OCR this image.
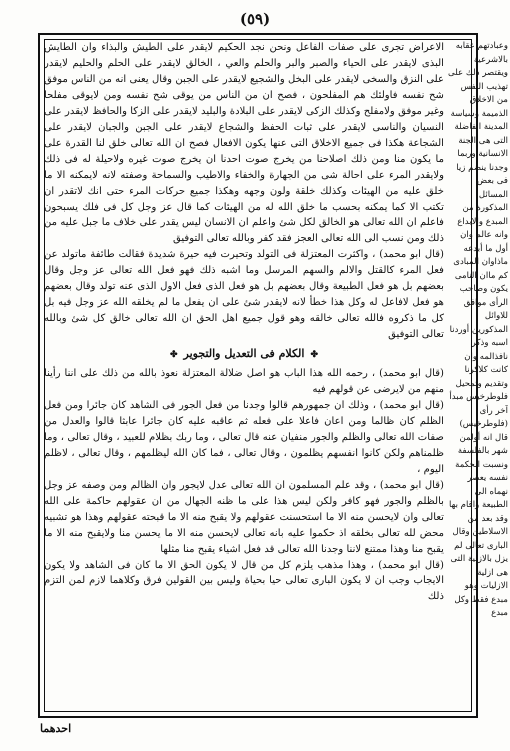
(٥٩)

الاعراض تجرى على صفات الفاعل ونحن نجد الحكيم لايقدر على الطيش والبذاء وان الطايش البذى لايقدر على الحياء والصبر والبر والحلم والعي ، الخالق لايقدر على الحلم والحليم لايقدر على النزق والسخى لايقدر على البخل والشجيع لايقدر على الجبن وقال يعنى انه من الناس موفق شح نفسه فاولئك هم المفلحون ، فصح ان من الناس من يوقى شح نفسه ومن لايوقى مفلحا وغير موفق ولامفلح وكذلك الزكى لايقدر على البلادة والبليد لايقدر على الزكا والحافظ لايقدر على النسيان والناسى لايقدر على ثبات الحفظ والشجاع لايقدر على الجبن والجبان لايقدر على الشجاعة هكذا فى جميع الاخلاق التى عنها يكون الافعال فصح ان الله تعالى خلق لنا القدرة على ما يكون منا ومن ذلك اصلاحنا من يخرج صوت احدنا ان يخرج صوت غيره ولاحيلة له فى ذلك ولايقدر المرء على احالة شى من الجهارة والخفاء والاطيب والسماحة وصفته لانه لايمكنه الا ما خلق عليه من الهيئات وكذلك خلقة ولون وجهه وهكذا جميع حركات المرء حتى انك لاتقدر ان تكتب الا كما يمكنه بحسب ما خلق الله له من الهيئات كما قال عز وجل كل فى فلك يسبحون فاعلم ان الله تعالى هو الخالق لكل شئ واعلم ان الانسان ليس يقدر على خلاف ما جبل عليه من ذلك ومن نسب الى الله تعالى العجز فقد كفر وبالله تعالى التوفيق

(قال ابو محمد) ، واكثرت المعتزلة فى التولد وتحيرت فيه حيرة شديدة فقالت طائفة ماتولد عن فعل المرء كالقتل والالم والسهم المرسل وما اشبه ذلك فهو فعل الله تعالى عز وجل وقال بعضهم بل هو فعل الطبيعة وقال بعضهم بل هو فعل الذى فعل الاول الذى عنه تولد وقال بعضهم هو فعل لافاعل له وكل هذا خطأ لانه لايقدر شئ على ان يفعل ما لم يخلقه الله عز وجل فيه بل كل ما ذكروه فالله تعالى خالقه وهو قول جميع اهل الحق ان الله تعالى خالق كل شئ وبالله تعالى التوفيق

✤الكلام فى التعديل والتجوير✤

(قال ابو محمد) ، رحمه الله هذا الباب هو اصل ضلالة المعتزلة نعوذ بالله من ذلك على اننا رأينا منهم من لايرضى عن قولهم فيه

(قال ابو محمد) ، وذلك ان جمهورهم قالوا وجدنا من فعل الجور فى الشاهد كان جائرا ومن فعل الظلم كان ظالما ومن اعان فاعلا على فعله ثم عاقبه عليه كان جائرا عابثا قالوا والعدل من صفات الله تعالى والظلم والجور منفيان عنه قال تعالى ، وما ربك بظلام للعبيد ، وقال تعالى ، وما ظلمناهم ولكن كانوا انفسهم يظلمون ، وقال تعالى ، فما كان الله ليظلمهم ، وقال تعالى ، لاظلم اليوم ،

(قال ابو محمد) ، وقد علم المسلمون ان الله تعالى عدل لايجور وان الظالم ومن وصفه عز وجل بالظلم والجور فهو كافر ولكن ليس هذا على ما ظنه الجهال من ان عقولهم حاكمة على الله تعالى وان لايحسن منه الا ما استحسنت عقولهم ولا يقبح منه الا ما قبحته عقولهم وهذا هو تشبيه محض لله تعالى بخلقه اذ حكموا عليه بانه تعالى لايحسن منه الا ما يحسن منا ولايقبح منه الا ما يقبح منا وهذا ممتنع لاننا وجدنا الله تعالى قد فعل اشياء يقبح منا مثلها

(قال ابو محمد) ، وهذا مذهب يلزم كل من قال لا يكون الحق الا ما كان فى الشاهد ولا يكون الايجاب وجب ان لا يكون البارى تعالى حيا بحياة وليس بين القولين فرق وكلاهما لازم لمن التزم ذلك

وعبادتهم عقابه بالاشرعية ويقتصر ذلك على تهذيب النفس من الاخلاق الذميمة وسياسة المدينة الفاضلة التى هى الجنة الانسانية وربما وجدنا ينضم زيا فى بعض المسائل المذكورة من المبدع والابداع وانه عالم وان أول ما أبدعه ماذاوان المبادى كم ماان النامى يكون وصاحب الرأى موافق للاوائل المذكورين أوردنا اسبه وذكر نافذالمه وان كانت كلاكرنا وتقديم وتمحيل فلوطرخيس مبدأ آخر رأى (فلوطرخيس) قال انه أولمن شهر بالفلسفة ونسبت الحكمة نفسه يعصر نهماه الى الطبيعة واقام بها وقد بعد من الاسلاطين وقال البارى تعالى لم يزل بالازلية التى هى ازلية الازليات وهو مبدع فقط وكل مبدع

احدهما
